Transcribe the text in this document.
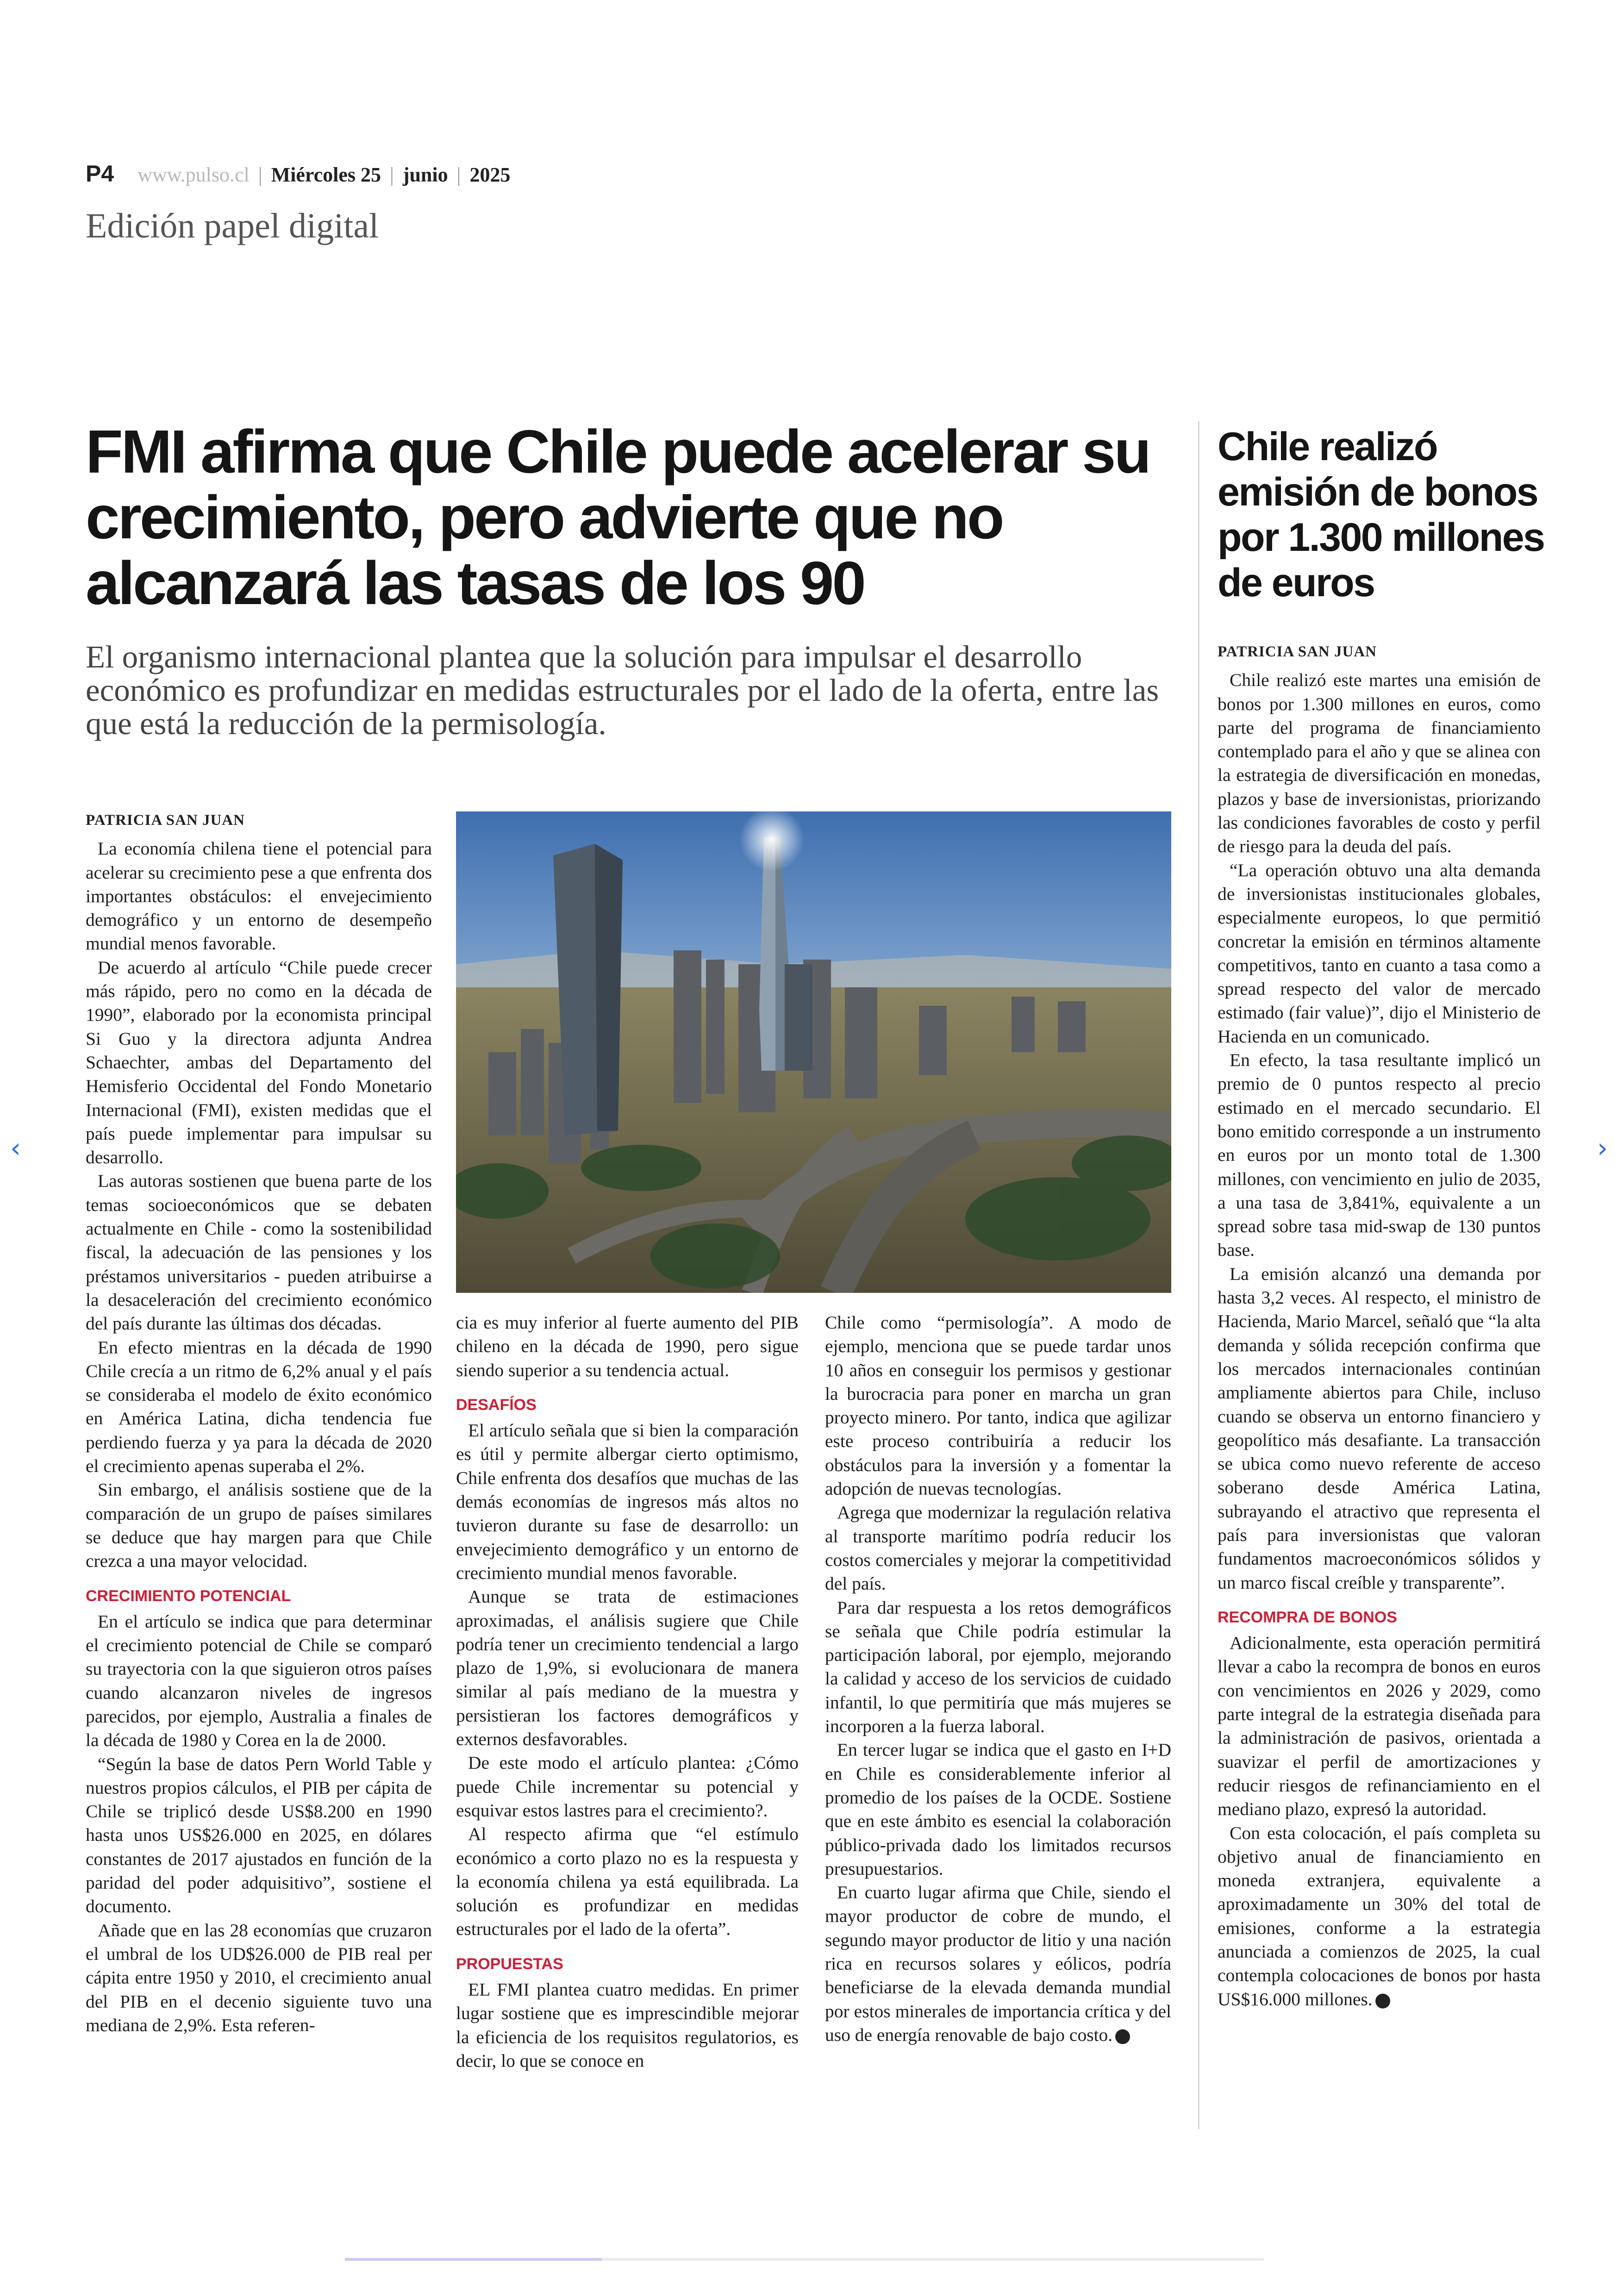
P4 www.pulso.cl | Miércoles 25 | junio | 2025
Edición papel digital
FMI afirma que Chile puede acelerar su crecimiento, pero advierte que no alcanzará las tasas de los 90
El organismo internacional plantea que la solución para impulsar el desarrollo económico es profundizar en medidas estructurales por el lado de la oferta, entre las que está la reducción de la permisología.
PATRICIA SAN JUAN

La economía chilena tiene el potencial para acelerar su crecimiento pese a que enfrenta dos importantes obstáculos: el envejecimiento demográfico y un entorno de desempeño mundial menos favorable.

De acuerdo al artículo “Chile puede crecer más rápido, pero no como en la década de 1990”, elaborado por la economista principal Si Guo y la directora adjunta Andrea Schaechter, ambas del Departamento del Hemisferio Occidental del Fondo Monetario Internacional (FMI), existen medidas que el país puede implementar para impulsar su desarrollo.

Las autoras sostienen que buena parte de los temas socioeconómicos que se debaten actualmente en Chile - como la sostenibilidad fiscal, la adecuación de las pensiones y los préstamos universitarios - pueden atribuirse a la desaceleración del crecimiento económico del país durante las últimas dos décadas.

En efecto mientras en la década de 1990 Chile crecía a un ritmo de 6,2% anual y el país se consideraba el modelo de éxito económico en América Latina, dicha tendencia fue perdiendo fuerza y ya para la década de 2020 el crecimiento apenas superaba el 2%.

Sin embargo, el análisis sostiene que de la comparación de un grupo de países similares se deduce que hay margen para que Chile crezca a una mayor velocidad.

CRECIMIENTO POTENCIAL

En el artículo se indica que para determinar el crecimiento potencial de Chile se comparó su trayectoria con la que siguieron otros países cuando alcanzaron niveles de ingresos parecidos, por ejemplo, Australia a finales de la década de 1980 y Corea en la de 2000.

“Según la base de datos Pern World Table y nuestros propios cálculos, el PIB per cápita de Chile se triplicó desde US$8.200 en 1990 hasta unos US$26.000 en 2025, en dólares constantes de 2017 ajustados en función de la paridad del poder adquisitivo”, sostiene el documento.

Añade que en las 28 economías que cruzaron el umbral de los UD$26.000 de PIB real per cápita entre 1950 y 2010, el crecimiento anual del PIB en el decenio siguiente tuvo una mediana de 2,9%. Esta referen-

cia es muy inferior al fuerte aumento del PIB chileno en la década de 1990, pero sigue siendo superior a su tendencia actual.

DESAFÍOS

El artículo señala que si bien la comparación es útil y permite albergar cierto optimismo, Chile enfrenta dos desafíos que muchas de las demás economías de ingresos más altos no tuvieron durante su fase de desarrollo: un envejecimiento demográfico y un entorno de crecimiento mundial menos favorable.

Aunque se trata de estimaciones aproximadas, el análisis sugiere que Chile podría tener un crecimiento tendencial a largo plazo de 1,9%, si evolucionara de manera similar al país mediano de la muestra y persistieran los factores demográficos y externos desfavorables.

De este modo el artículo plantea: ¿Cómo puede Chile incrementar su potencial y esquivar estos lastres para el crecimiento?.

Al respecto afirma que “el estímulo económico a corto plazo no es la respuesta y la economía chilena ya está equilibrada. La solución es profundizar en medidas estructurales por el lado de la oferta”.

PROPUESTAS

EL FMI plantea cuatro medidas. En primer lugar sostiene que es imprescindible mejorar la eficiencia de los requisitos regulatorios, es decir, lo que se conoce en

Chile como “permisología”. A modo de ejemplo, menciona que se puede tardar unos 10 años en conseguir los permisos y gestionar la burocracia para poner en marcha un gran proyecto minero. Por tanto, indica que agilizar este proceso contribuiría a reducir los obstáculos para la inversión y a fomentar la adopción de nuevas tecnologías.

Agrega que modernizar la regulación relativa al transporte marítimo podría reducir los costos comerciales y mejorar la competitividad del país.

Para dar respuesta a los retos demográficos se señala que Chile podría estimular la participación laboral, por ejemplo, mejorando la calidad y acceso de los servicios de cuidado infantil, lo que permitiría que más mujeres se incorporen a la fuerza laboral.

En tercer lugar se indica que el gasto en I+D en Chile es considerablemente inferior al promedio de los países de la OCDE. Sostiene que en este ámbito es esencial la colaboración público-privada dado los limitados recursos presupuestarios.

En cuarto lugar afirma que Chile, siendo el mayor productor de cobre de mundo, el segundo mayor productor de litio y una nación rica en recursos solares y eólicos, podría beneficiarse de la elevada demanda mundial por estos minerales de importancia crítica y del uso de energía renovable de bajo costo.

Chile realizó emisión de bonos por 1.300 millones de euros
PATRICIA SAN JUAN

Chile realizó este martes una emisión de bonos por 1.300 millones en euros, como parte del programa de financiamiento contemplado para el año y que se alinea con la estrategia de diversificación en monedas, plazos y base de inversionistas, priorizando las condiciones favorables de costo y perfil de riesgo para la deuda del país.

“La operación obtuvo una alta demanda de inversionistas institucionales globales, especialmente europeos, lo que permitió concretar la emisión en términos altamente competitivos, tanto en cuanto a tasa como a spread respecto del valor de mercado estimado (fair value)”, dijo el Ministerio de Hacienda en un comunicado.

En efecto, la tasa resultante implicó un premio de 0 puntos respecto al precio estimado en el mercado secundario. El bono emitido corresponde a un instrumento en euros por un monto total de 1.300 millones, con vencimiento en julio de 2035, a una tasa de 3,841%, equivalente a un spread sobre tasa mid-swap de 130 puntos base.

La emisión alcanzó una demanda por hasta 3,2 veces. Al respecto, el ministro de Hacienda, Mario Marcel, señaló que “la alta demanda y sólida recepción confirma que los mercados internacionales continúan ampliamente abiertos para Chile, incluso cuando se observa un entorno financiero y geopolítico más desafiante. La transacción se ubica como nuevo referente de acceso soberano desde América Latina, subrayando el atractivo que representa el país para inversionistas que valoran fundamentos macroeconómicos sólidos y un marco fiscal creíble y transparente”.

RECOMPRA DE BONOS

Adicionalmente, esta operación permitirá llevar a cabo la recompra de bonos en euros con vencimientos en 2026 y 2029, como parte integral de la estrategia diseñada para la administración de pasivos, orientada a suavizar el perfil de amortizaciones y reducir riesgos de refinanciamiento en el mediano plazo, expresó la autoridad.

Con esta colocación, el país completa su objetivo anual de financiamiento en moneda extranjera, equivalente a aproximadamente un 30% del total de emisiones, conforme a la estrategia anunciada a comienzos de 2025, la cual contempla colocaciones de bonos por hasta US$16.000 millones.

‹	›
